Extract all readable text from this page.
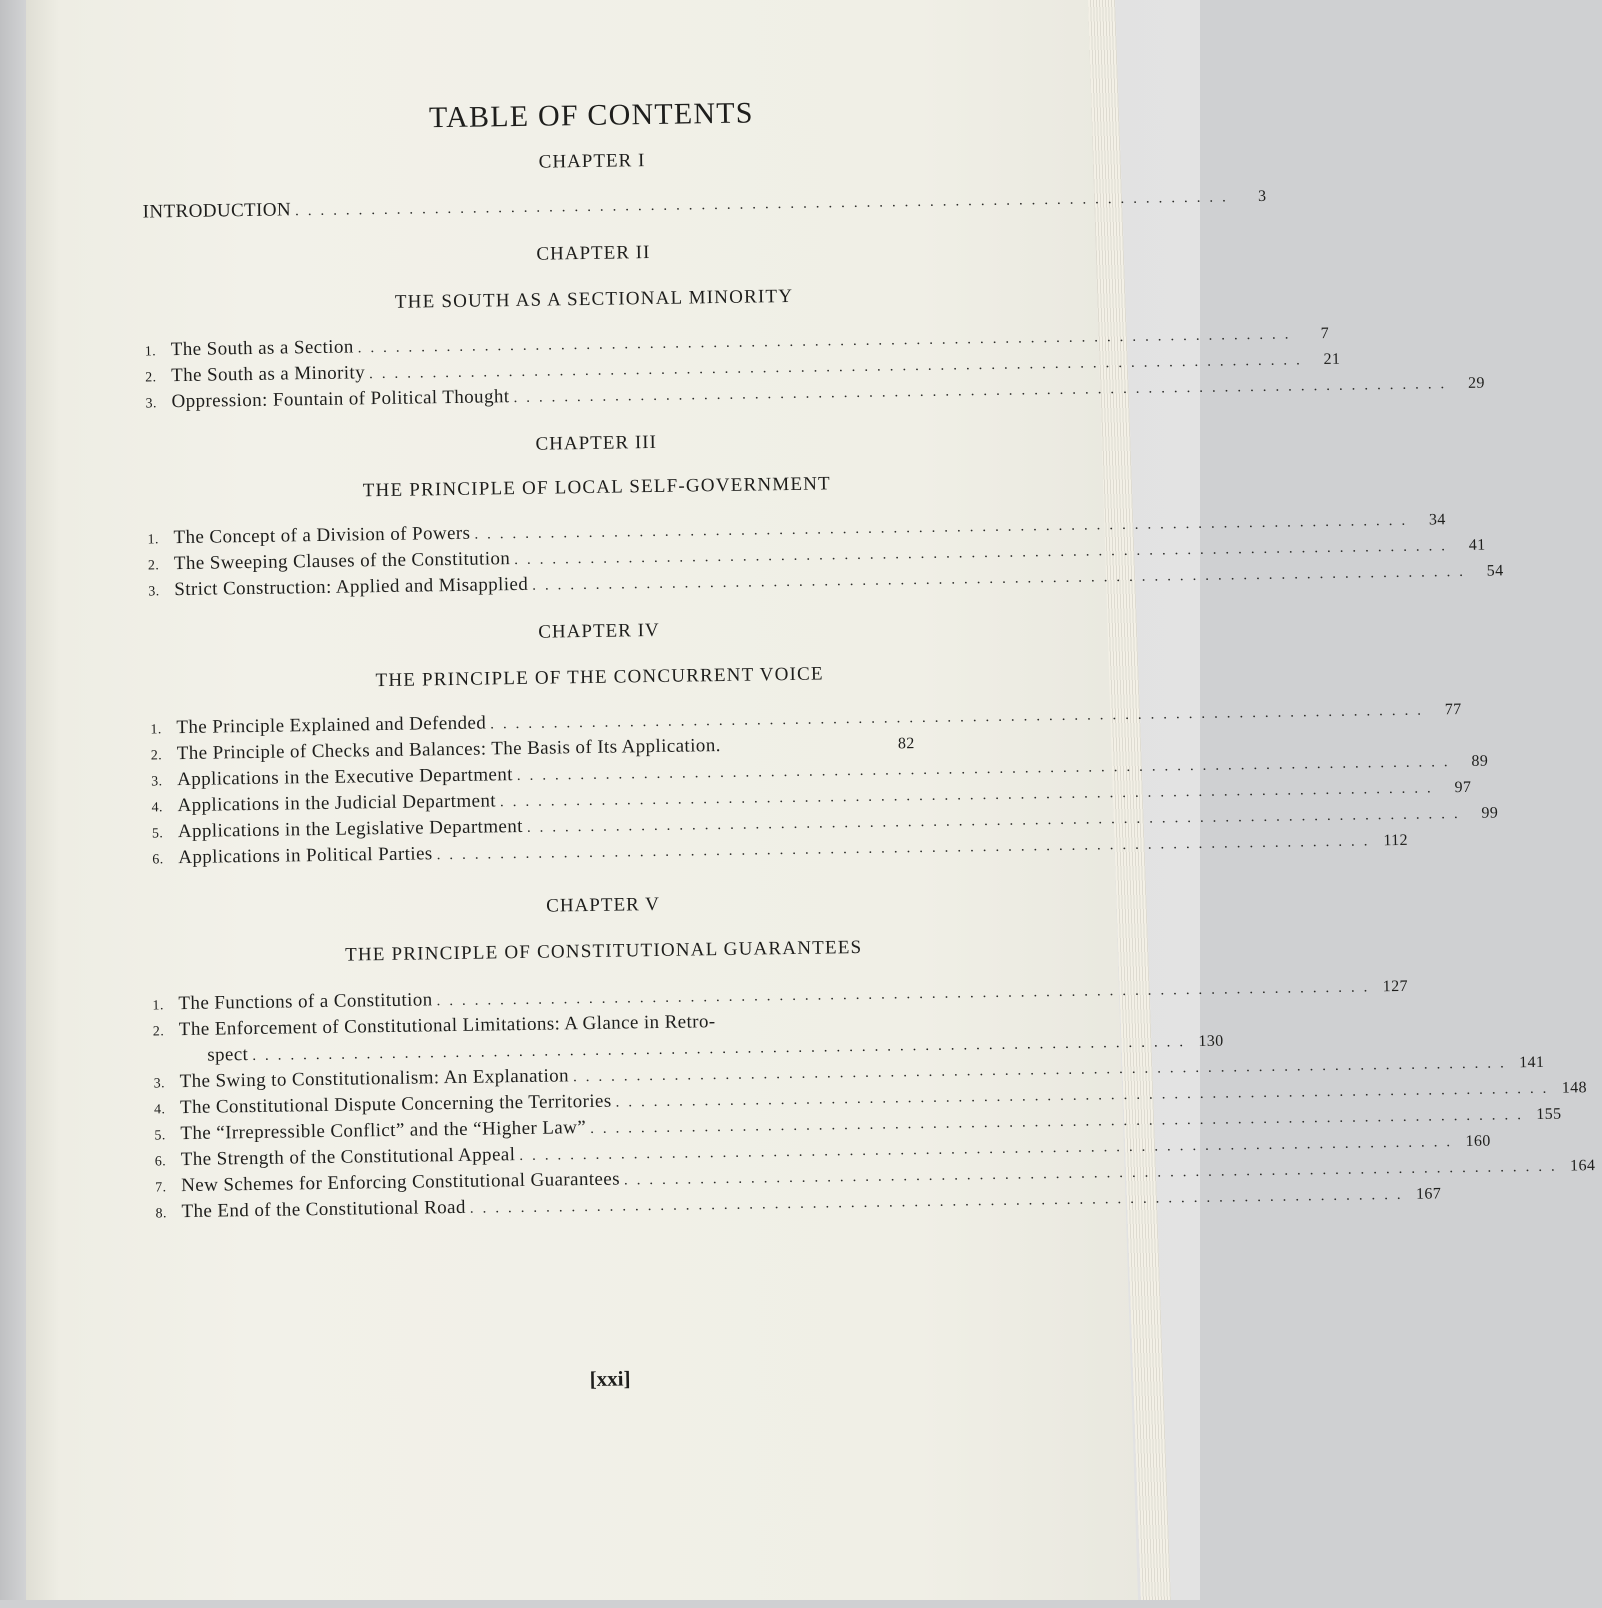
TABLE OF CONTENTS
CHAPTER I
INTRODUCTION . . . . . . . . . . . . . . . . . . . . . . . . . . . . . . . . . . . . . . . . . . . . . . . . . . . . . . . . . . . . . . . . . . . . . . . . . .	3
CHAPTER II
THE SOUTH AS A SECTIONAL MINORITY
1. The South as a Section . . . . . . . . . . . . . . . . . . . . . . . . . . . . . . . . . . . . . . . . . . . . . . . . . . . . . . . . . . . . . . . . . . . . . . . . . .	7
2. The South as a Minority . . . . . . . . . . . . . . . . . . . . . . . . . . . . . . . . . . . . . . . . . . . . . . . . . . . . . . . . . . . . . . . . . . . . . . . . . .	21
3. Oppression: Fountain of Political Thought . . . . . . . . . . . . . . . . . . . . . . . . . . . . . . . . . . . . . . . . . . . . . . . . . . . . . . . . . . . . . . . . . . . . . . . . . .	29
CHAPTER III
THE PRINCIPLE OF LOCAL SELF-GOVERNMENT
1. The Concept of a Division of Powers . . . . . . . . . . . . . . . . . . . . . . . . . . . . . . . . . . . . . . . . . . . . . . . . . . . . . . . . . . . . . . . . . . . . . . . . . .	34
2. The Sweeping Clauses of the Constitution . . . . . . . . . . . . . . . . . . . . . . . . . . . . . . . . . . . . . . . . . . . . . . . . . . . . . . . . . . . . . . . . . . . . . . . . . .	41
3. Strict Construction: Applied and Misapplied . . . . . . . . . . . . . . . . . . . . . . . . . . . . . . . . . . . . . . . . . . . . . . . . . . . . . . . . . . . . . . . . . . . . . . . . . .	54
CHAPTER IV
THE PRINCIPLE OF THE CONCURRENT VOICE
1. The Principle Explained and Defended . . . . . . . . . . . . . . . . . . . . . . . . . . . . . . . . . . . . . . . . . . . . . . . . . . . . . . . . . . . . . . . . . . . . . . . . . .	77
2. The Principle of Checks and Balances: The Basis of Its Application.	82
3. Applications in the Executive Department . . . . . . . . . . . . . . . . . . . . . . . . . . . . . . . . . . . . . . . . . . . . . . . . . . . . . . . . . . . . . . . . . . . . . . . . . .	89
4. Applications in the Judicial Department . . . . . . . . . . . . . . . . . . . . . . . . . . . . . . . . . . . . . . . . . . . . . . . . . . . . . . . . . . . . . . . . . . . . . . . . . .	97
5. Applications in the Legislative Department . . . . . . . . . . . . . . . . . . . . . . . . . . . . . . . . . . . . . . . . . . . . . . . . . . . . . . . . . . . . . . . . . . . . . . . . . .	99
6. Applications in Political Parties . . . . . . . . . . . . . . . . . . . . . . . . . . . . . . . . . . . . . . . . . . . . . . . . . . . . . . . . . . . . . . . . . . . . . . . . . . 112
CHAPTER V
THE PRINCIPLE OF CONSTITUTIONAL GUARANTEES
1. The Functions of a Constitution . . . . . . . . . . . . . . . . . . . . . . . . . . . . . . . . . . . . . . . . . . . . . . . . . . . . . . . . . . . . . . . . . . . . . . . . . . 127
2. The Enforcement of Constitutional Limitations: A Glance in Retro-
spect . . . . . . . . . . . . . . . . . . . . . . . . . . . . . . . . . . . . . . . . . . . . . . . . . . . . . . . . . . . . . . . . . . . . . . . . . . 130
3. The Swing to Constitutionalism: An Explanation . . . . . . . . . . . . . . . . . . . . . . . . . . . . . . . . . . . . . . . . . . . . . . . . . . . . . . . . . . . . . . . . . . . . . . . . . . 141
4. The Constitutional Dispute Concerning the Territories . . . . . . . . . . . . . . . . . . . . . . . . . . . . . . . . . . . . . . . . . . . . . . . . . . . . . . . . . . . . . . . . . . . . . . . . . . 148
5. The “Irrepressible Conflict” and the “Higher Law” . . . . . . . . . . . . . . . . . . . . . . . . . . . . . . . . . . . . . . . . . . . . . . . . . . . . . . . . . . . . . . . . . . . . . . . . . . 155
6. The Strength of the Constitutional Appeal . . . . . . . . . . . . . . . . . . . . . . . . . . . . . . . . . . . . . . . . . . . . . . . . . . . . . . . . . . . . . . . . . . . . . . . . . . 160
7. New Schemes for Enforcing Constitutional Guarantees . . . . . . . . . . . . . . . . . . . . . . . . . . . . . . . . . . . . . . . . . . . . . . . . . . . . . . . . . . . . . . . . . . . . . . . . . . 164
8. The End of the Constitutional Road . . . . . . . . . . . . . . . . . . . . . . . . . . . . . . . . . . . . . . . . . . . . . . . . . . . . . . . . . . . . . . . . . . . . . . . . . . 167
[xxi]
